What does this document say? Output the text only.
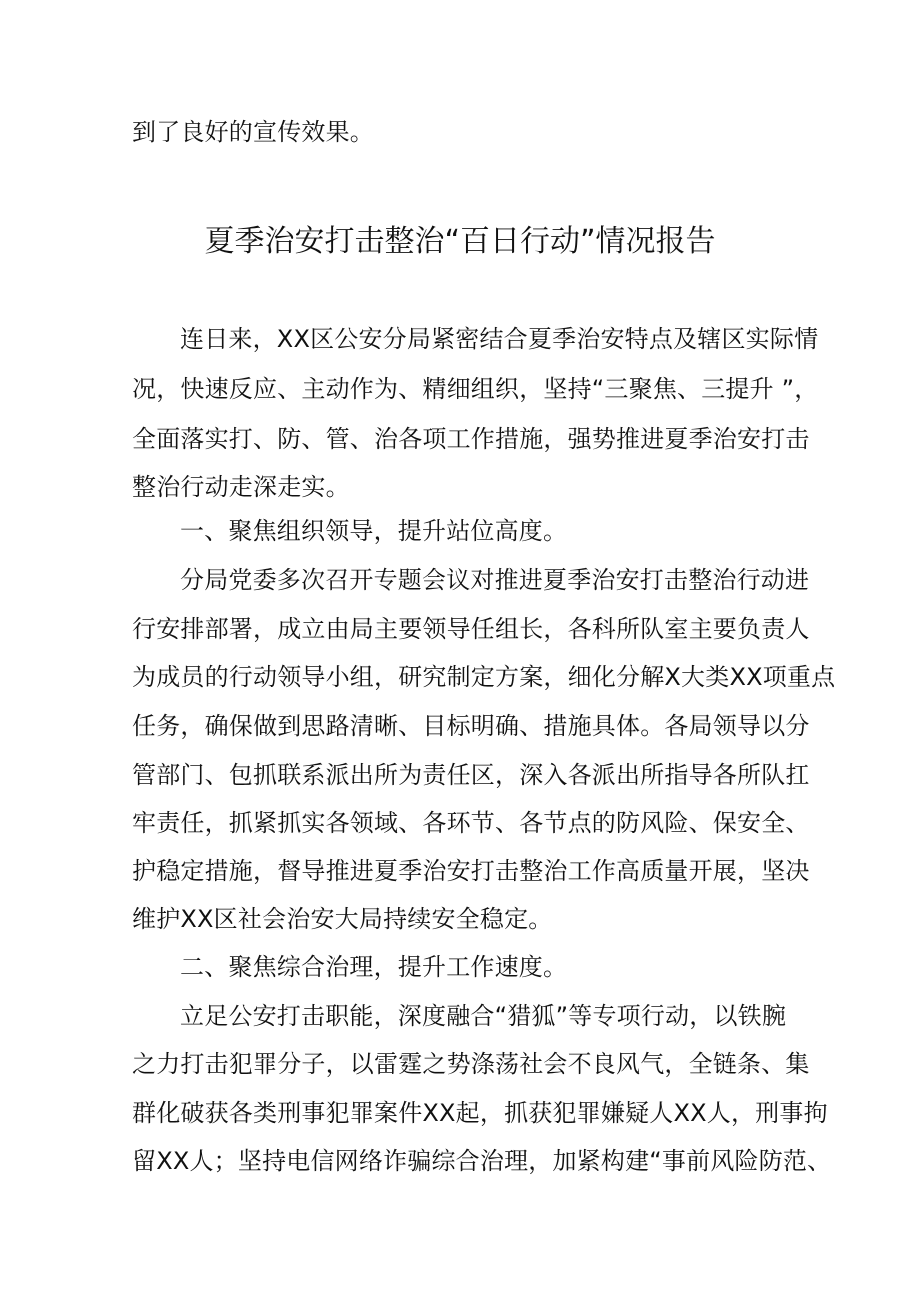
到了良好的宣传效果。
夏季治安打击整治“百日行动”情况报告
连日来，XX区公安分局紧密结合夏季治安特点及辖区实际情
况，快速反应、主动作为、精细组织，坚持“三聚焦、三提升 ”，
全面落实打、防、管、治各项工作措施，强势推进夏季治安打击
整治行动走深走实。
一、聚焦组织领导，提升站位高度。
分局党委多次召开专题会议对推进夏季治安打击整治行动进
行安排部署，成立由局主要领导任组长，各科所队室主要负责人
为成员的行动领导小组，研究制定方案，细化分解X大类XX项重点
任务，确保做到思路清晰、目标明确、措施具体。各局领导以分
管部门、包抓联系派出所为责任区，深入各派出所指导各所队扛
牢责任，抓紧抓实各领域、各环节、各节点的防风险、保安全、
护稳定措施，督导推进夏季治安打击整治工作高质量开展，坚决
维护XX区社会治安大局持续安全稳定。
二、聚焦综合治理，提升工作速度。
立足公安打击职能，深度融合“猎狐”等专项行动，以铁腕
之力打击犯罪分子，以雷霆之势涤荡社会不良风气，全链条、集
群化破获各类刑事犯罪案件XX起，抓获犯罪嫌疑人XX人，刑事拘
留XX人；坚持电信网络诈骗综合治理，加紧构建“事前风险防范、
